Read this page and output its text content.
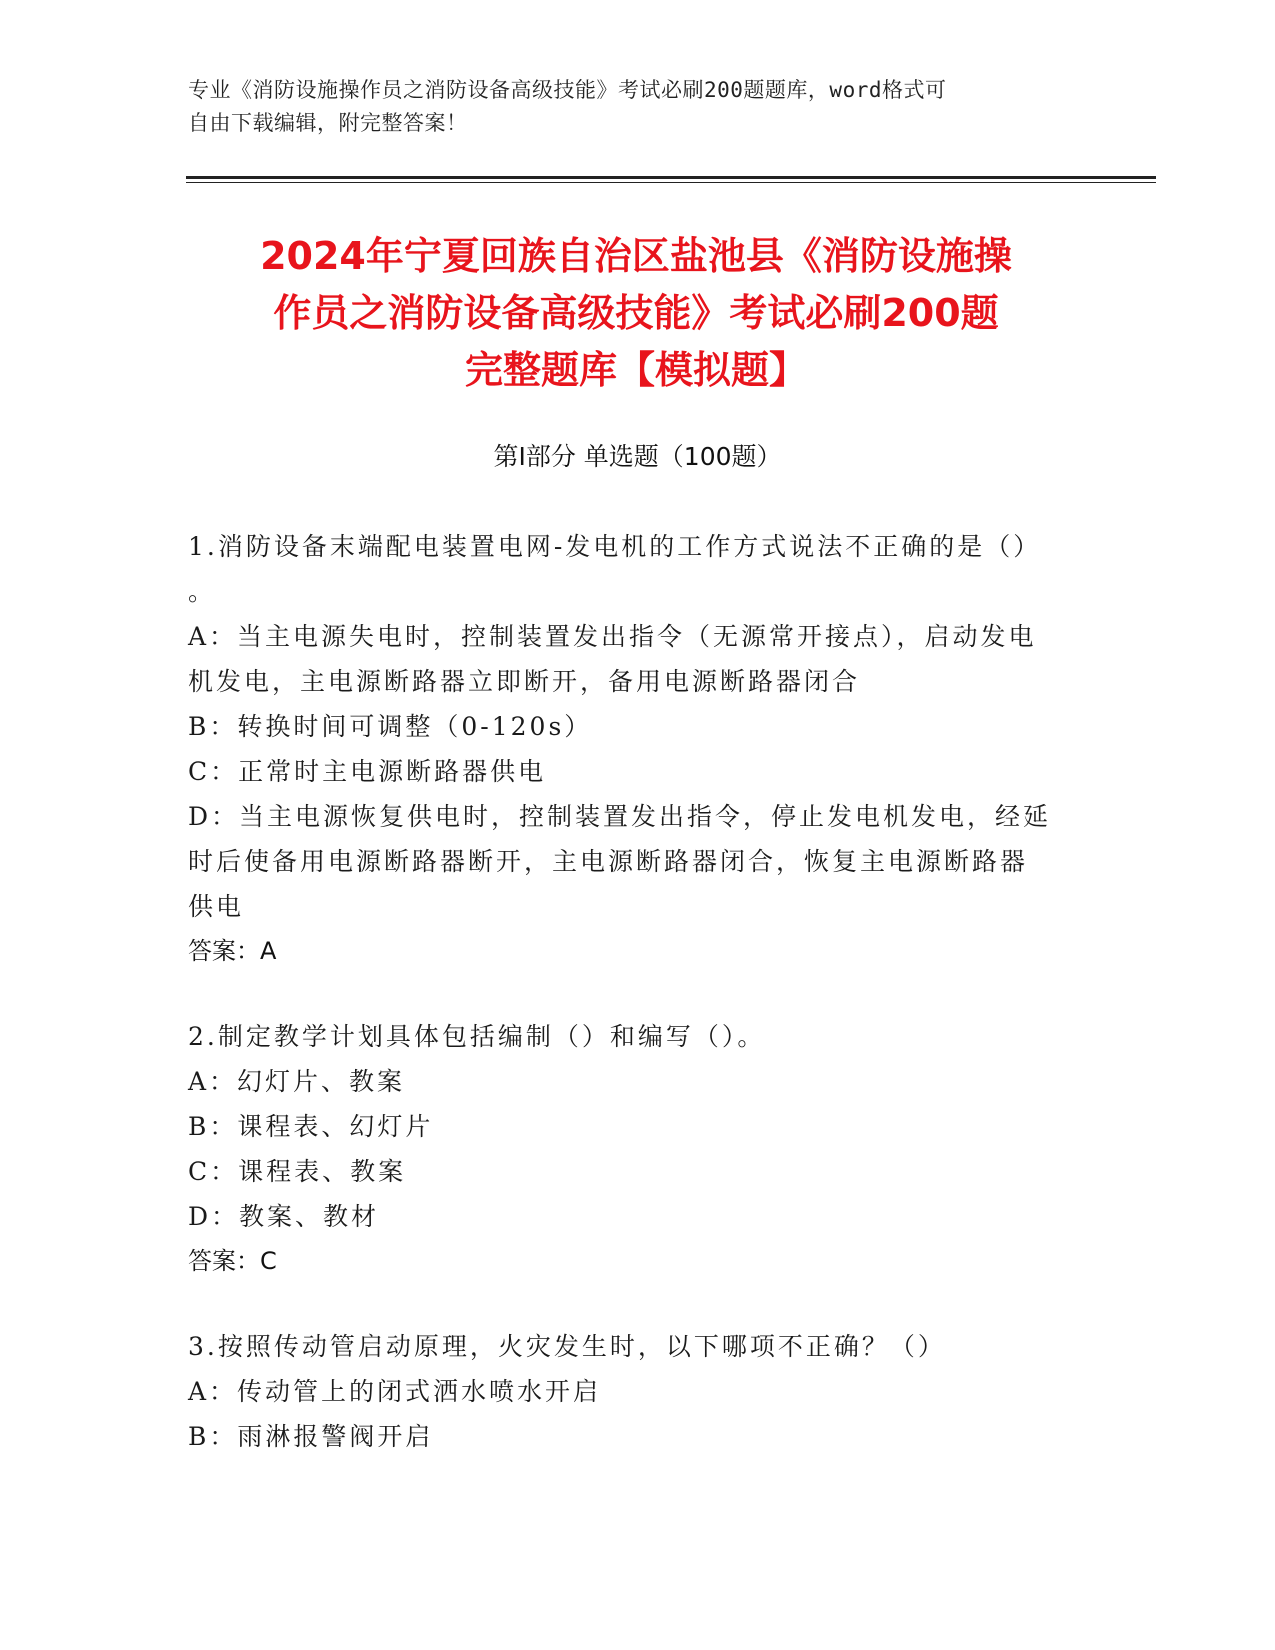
专业《消防设施操作员之消防设备高级技能》考试必刷200题题库，word格式可
自由下载编辑，附完整答案！
2024年宁夏回族自治区盐池县《消防设施操
作员之消防设备高级技能》考试必刷200题
完整题库【模拟题】
第Ⅰ部分 单选题（100题）
1.消防设备末端配电装置电网-发电机的工作方式说法不正确的是（）
。
A：当主电源失电时，控制装置发出指令（无源常开接点），启动发电
机发电，主电源断路器立即断开，备用电源断路器闭合
B：转换时间可调整（0-120s）
C：正常时主电源断路器供电
D：当主电源恢复供电时，控制装置发出指令，停止发电机发电，经延
时后使备用电源断路器断开，主电源断路器闭合，恢复主电源断路器
供电
答案：A
2.制定教学计划具体包括编制（）和编写（）。
A：幻灯片、教案
B：课程表、幻灯片
C：课程表、教案
D：教案、教材
答案：C
3.按照传动管启动原理，火灾发生时，以下哪项不正确？（）
A：传动管上的闭式洒水喷水开启
B：雨淋报警阀开启
